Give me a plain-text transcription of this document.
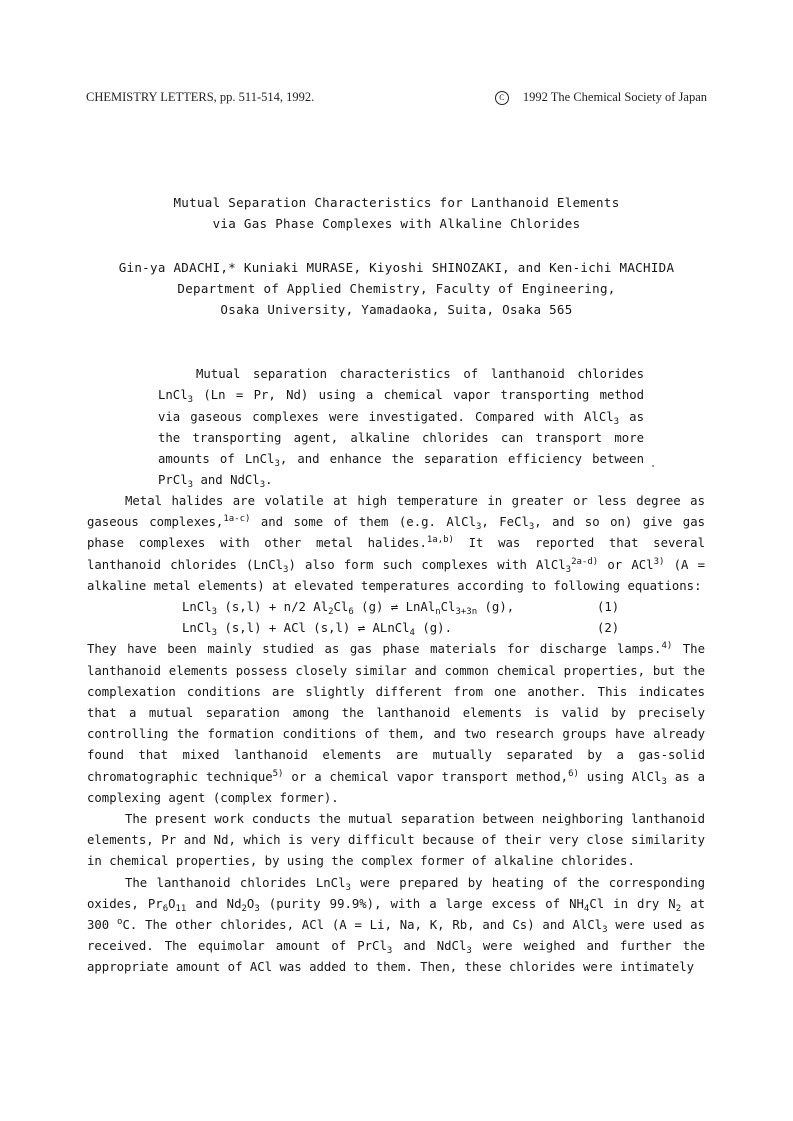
CHEMISTRY LETTERS, pp. 511-514, 1992.	C 1992 The Chemical Society of Japan
Mutual Separation Characteristics for Lanthanoid Elements
via Gas Phase Complexes with Alkaline Chlorides
Gin-ya ADACHI,* Kuniaki MURASE, Kiyoshi SHINOZAKI, and Ken-ichi MACHIDA
Department of Applied Chemistry, Faculty of Engineering,
Osaka University, Yamadaoka, Suita, Osaka 565

Mutual separation characteristics of lanthanoid chlorides LnCl$_3$ (Ln = Pr, Nd) using a chemical vapor transporting method via gaseous complexes were investigated. Compared with AlCl$_3$ as the transporting agent, alkaline chlorides can transport more amounts of LnCl$_3$, and enhance the separation efficiency between PrCl$_3$ and NdCl$_3$.

Metal halides are volatile at high temperature in greater or less degree as gaseous complexes,$^{1a-c)}$ and some of them (e.g. AlCl$_3$, FeCl$_3$, and so on) give gas phase complexes with other metal halides.$^{1a,b)}$ It was reported that several lanthanoid chlorides (LnCl$_3$) also form such complexes with AlCl$_3^{2a-d)}$ or ACl$^{3)}$ (A = alkaline metal elements) at elevated temperatures according to following equations:

LnCl$_3$ (s,l) + n/2 $Al_2Cl_6$ (g) ⇌ $LnAl_nCl_{3+3n}$ (g),	(1)
LnCl$_3$ (s,l) + ACl (s,l) ⇌ ALnCl$_4$ (g).	(2)

They have been mainly studied as gas phase materials for discharge lamps.$^{4)}$ The lanthanoid elements possess closely similar and common chemical properties, but the complexation conditions are slightly different from one another. This indicates that a mutual separation among the lanthanoid elements is valid by precisely controlling the formation conditions of them, and two research groups have already found that mixed lanthanoid elements are mutually separated by a gas-solid chromatographic technique$^{5)}$ or a chemical vapor transport method,$^{6)}$ using AlCl$_3$ as a complexing agent (complex former).

The present work conducts the mutual separation between neighboring lanthanoid elements, Pr and Nd, which is very difficult because of their very close similarity in chemical properties, by using the complex former of alkaline chlorides.

The lanthanoid chlorides LnCl$_3$ were prepared by heating of the corresponding oxides, $Pr_6O_{11}$ and $Nd_2O_3$ (purity 99.9%), with a large excess of $NH_4Cl$ in dry $N_2$ at 300 $^o$C. The other chlorides, ACl (A = Li, Na, K, Rb, and Cs) and AlCl$_3$ were used as received. The equimolar amount of PrCl$_3$ and NdCl$_3$ were weighed and further the appropriate amount of ACl was added to them. Then, these chlorides were intimately
